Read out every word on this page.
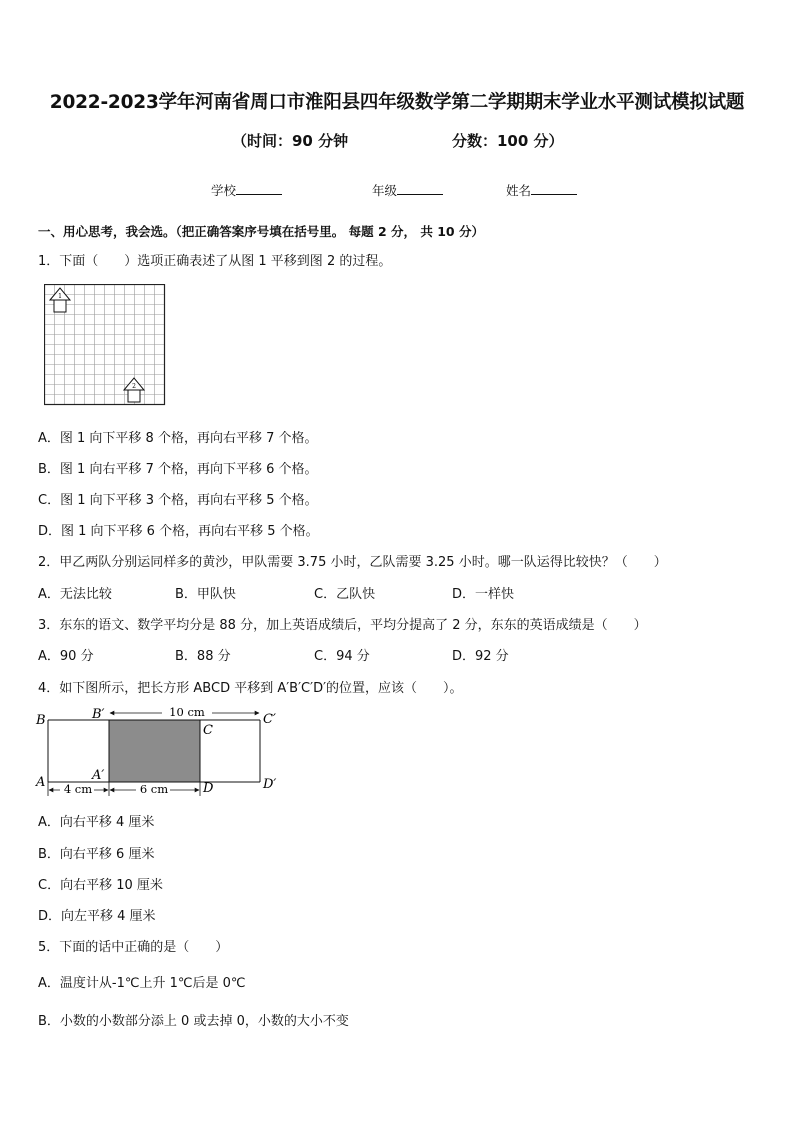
2022-2023学年河南省周口市淮阳县四年级数学第二学期期末学业水平测试模拟试题
（时间：90 分钟	分数：100 分）
学校	年级	姓名
一、用心思考，我会选。（把正确答案序号填在括号里。 每题 2 分， 共 10 分）
1．下面（　　）选项正确表述了从图 1 平移到图 2 的过程。
1
2
A．图 1 向下平移 8 个格，再向右平移 7 个格。
B．图 1 向右平移 7 个格，再向下平移 6 个格。
C．图 1 向下平移 3 个格，再向右平移 5 个格。
D．图 1 向下平移 6 个格，再向右平移 5 个格。
2．甲乙两队分别运同样多的黄沙，甲队需要 3.75 小时，乙队需要 3.25 小时。哪一队运得比较快？（　　）
A．无法比较	B．甲队快	C．乙队快	D．一样快
3．东东的语文、数学平均分是 88 分，加上英语成绩后，平均分提高了 2 分，东东的英语成绩是（　　）
A．90 分	B．88 分	C．94 分	D．92 分
4．如下图所示，把长方形 ABCD 平移到 A′B′C′D′的位置，应该（　　）。
10 cm
4 cm	6 cm
B	B′	C′
C
A	A′
D	D′
A．向右平移 4 厘米
B．向右平移 6 厘米
C．向右平移 10 厘米
D．向左平移 4 厘米
5．下面的话中正确的是（　　）
A．温度计从-1℃上升 1℃后是 0℃
B．小数的小数部分添上 0 或去掉 0，小数的大小不变
